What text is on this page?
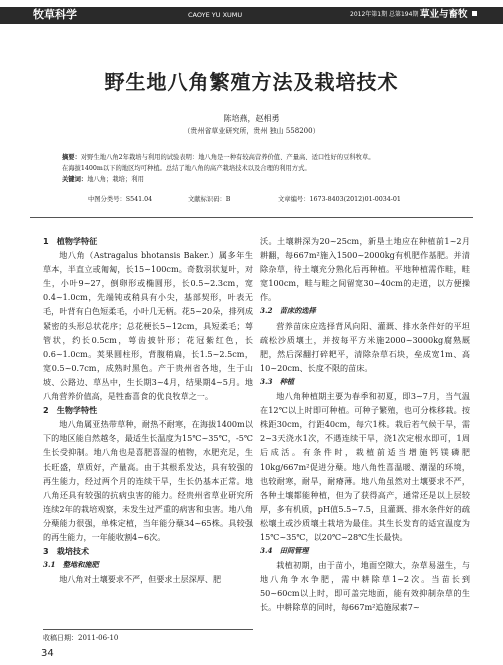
牧草科学	CAOYE YU XUMU	2012年第1期 总第194期 草业与畜牧
野生地八角繁殖方法及栽培技术
陈培燕，赵相勇
（贵州省草业研究所，贵州 独山 558200）
摘要：对野生地八角2年栽培与利用的试验表明：地八角是一种有较高营养价值、产量高、适口性好的豆科牧草。
在海拔1400m以下的地区均可种植。总结了地八角的高产栽培技术以及合理的利用方式。
关键词：地八角；栽培；利用
中图分类号：S541.04	文献标识码：B	文章编号：1673-8403(2012)01-0034-01
1　植物学特征

地八角（Astragalus bhotansis Baker.）属多年生草本，半直立或匍匐，长15~100cm。奇数羽状复叶，对生，小叶9~27，倒卵形或椭圆形，长0.5~2.3cm，宽0.4~1.0cm，先端钝或稍具有小尖，基部契形，叶表无毛，叶背有白色短柔毛，小叶几无柄。花5~20朵，排列成紧密的头形总状花序；总花梗长5~12cm，具短柔毛；萼管状，约长0.5cm，萼齿披针形；花冠紫红色，长0.6~1.0cm。荚果圆柱形，背腹稍扁，长1.5~2.5cm，宽0.5~0.7cm，成熟时黑色。产于贵州省各地，生于山坡、公路边、草丛中，生长期3~4月，结果期4~5月。地八角营养价值高，是牲畜喜食的优良牧草之一。

2　生物学特性

地八角属亚热带草种，耐热不耐寒，在海拔1400m以下的地区能自然越冬，最适生长温度为15℃~35℃，-5℃生长受抑制。地八角也是喜肥喜湿的植物，水肥充足，生长旺盛，草质好，产量高。由于其根系发达，具有较强的再生能力，经过两个月的连续干旱，生长仍基本正常。地八角还具有较强的抗病虫害的能力。经贵州省草业研究所连续2年的栽培观察，未发生过严重的病害和虫害。地八角分蘖能力很强，单株定植，当年能分蘖34~65株。具较强的再生能力，一年能收割4~6次。

3　栽培技术
3.1　整地和施肥

地八角对土壤要求不严，但要求土层深厚、肥

沃。土壤耕深为20~25cm，新垦土地应在种植前1~2月耕翻，每667m²施入1500~2000kg有机肥作基肥。并清除杂草，待土壤充分熟化后再种植。平地种植需作畦，畦宽100cm，畦与畦之间留宽30~40cm的走道，以方便操作。

3.2　苗床的选择

营养苗床应选择背风向阳、灌溉、排水条件好的平坦疏松沙质壤土，并按每平方米施2000~3000kg腐熟厩肥，然后深翻打碎耙平，清除杂草石块，垒成宽1m、高10~20cm、长度不限的苗床。

3.3　种植

地八角种植期主要为春季和初夏，即3~7月，当气温在12℃以上时即可种植。可种子繁殖，也可分株移栽。按株距30cm，行距40cm，每穴1株。栽后若气候干旱，需2~3天浇水1次，不遇连续干旱，浇1次定根水即可，1周后成活。有条件时，栽植前适当增施钙镁磷肥10kg/667m²促进分蘖。地八角性喜温暖、潮湿的环境，也较耐寒，耐旱，耐瘠薄。地八角虽然对土壤要求不严，各种土壤都能种植，但为了获得高产，通常还是以上层较厚，多有机质，pH值5.5~7.5，且灌溉、排水条件好的疏松壤土或沙质壤土栽培为最佳。其生长发育的适宜温度为15℃~35℃，以20℃~28℃生长最快。

3.4　田间管理

栽植初期，由于苗小，地面空隙大，杂草易滋生，与地八角争水争肥，需中耕除草1~2次。当苗长到50~60cm以上时，即可盖完地面，能有效抑制杂草的生长。中耕除草的同时，每667m²追施尿素7~

收稿日期：2011-06-10
34
